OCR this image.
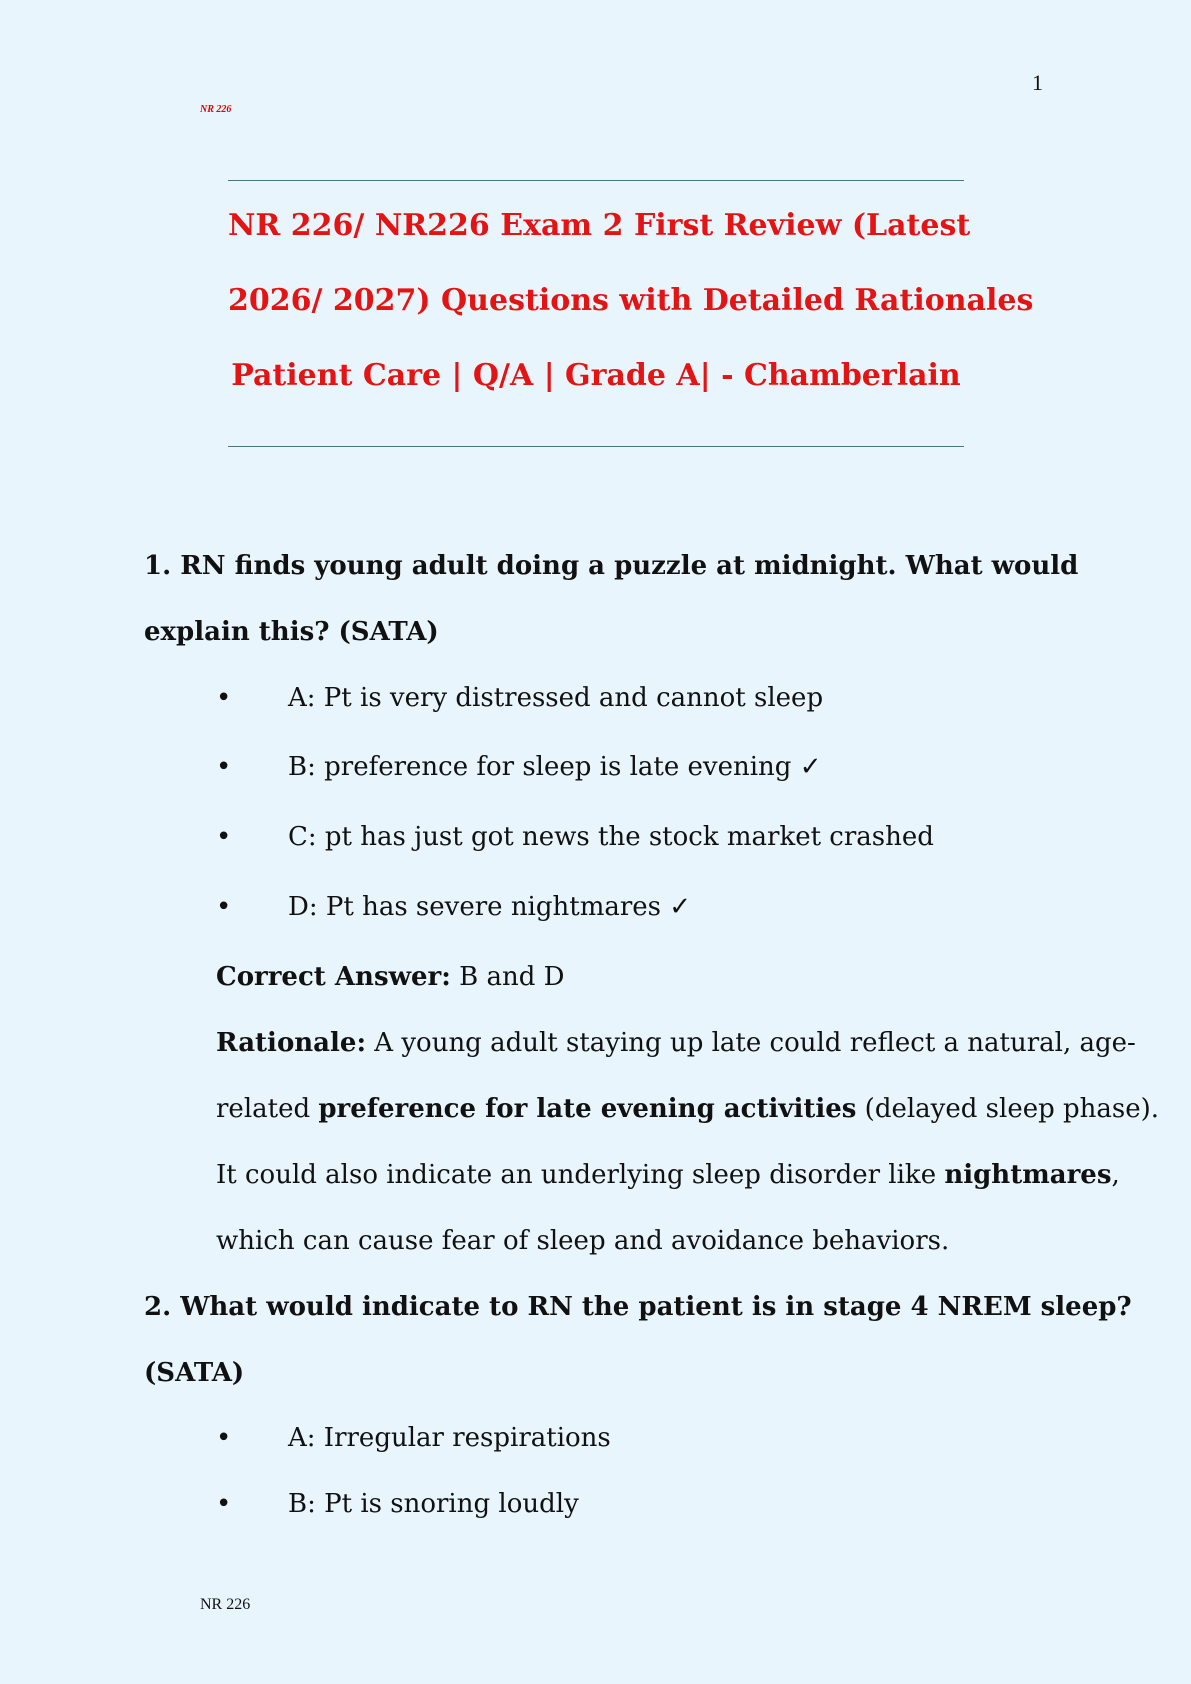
1
NR 226
NR 226/ NR226 Exam 2 First Review (Latest
2026/ 2027) Questions with Detailed Rationales
Patient Care | Q/A | Grade A| - Chamberlain
1. RN finds young adult doing a puzzle at midnight. What would
explain this? (SATA)
• A: Pt is very distressed and cannot sleep
• B: preference for sleep is late evening ✓
• C: pt has just got news the stock market crashed
• D: Pt has severe nightmares ✓
Correct Answer: B and D
Rationale: A young adult staying up late could reflect a natural, age-
related preference for late evening activities (delayed sleep phase).
It could also indicate an underlying sleep disorder like nightmares,
which can cause fear of sleep and avoidance behaviors.
2. What would indicate to RN the patient is in stage 4 NREM sleep?
(SATA)
• A: Irregular respirations
• B: Pt is snoring loudly
NR 226
